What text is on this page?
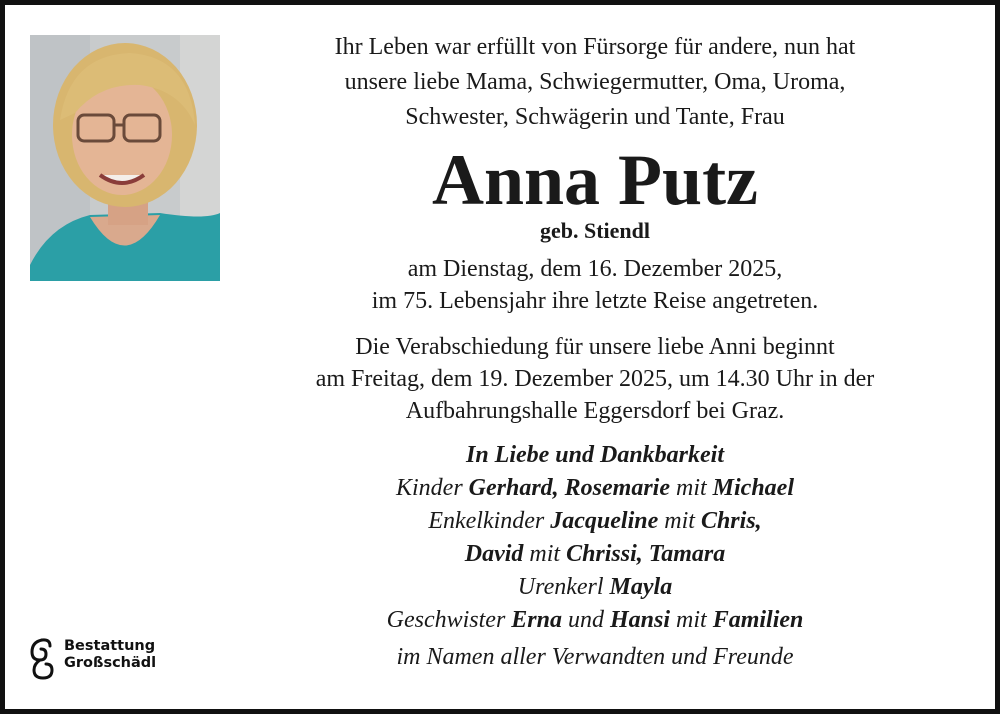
Ihr Leben war erfüllt von Fürsorge für andere, nun hat
unsere liebe Mama, Schwiegermutter, Oma, Uroma,
Schwester, Schwägerin und Tante, Frau

Anna Putz
geb. Stiendl

am Dienstag, dem 16. Dezember 2025,
im 75. Lebensjahr ihre letzte Reise angetreten.

Die Verabschiedung für unsere liebe Anni beginnt
am Freitag, dem 19. Dezember 2025, um 14.30 Uhr in der
Aufbahrungshalle Eggersdorf bei Graz.

In Liebe und Dankbarkeit
Kinder Gerhard, Rosemarie mit Michael
Enkelkinder Jacqueline mit Chris,
David mit Chrissi, Tamara
Urenkerl Mayla
Geschwister Erna und Hansi mit Familien
im Namen aller Verwandten und Freunde
Bestattung
Großschädl
